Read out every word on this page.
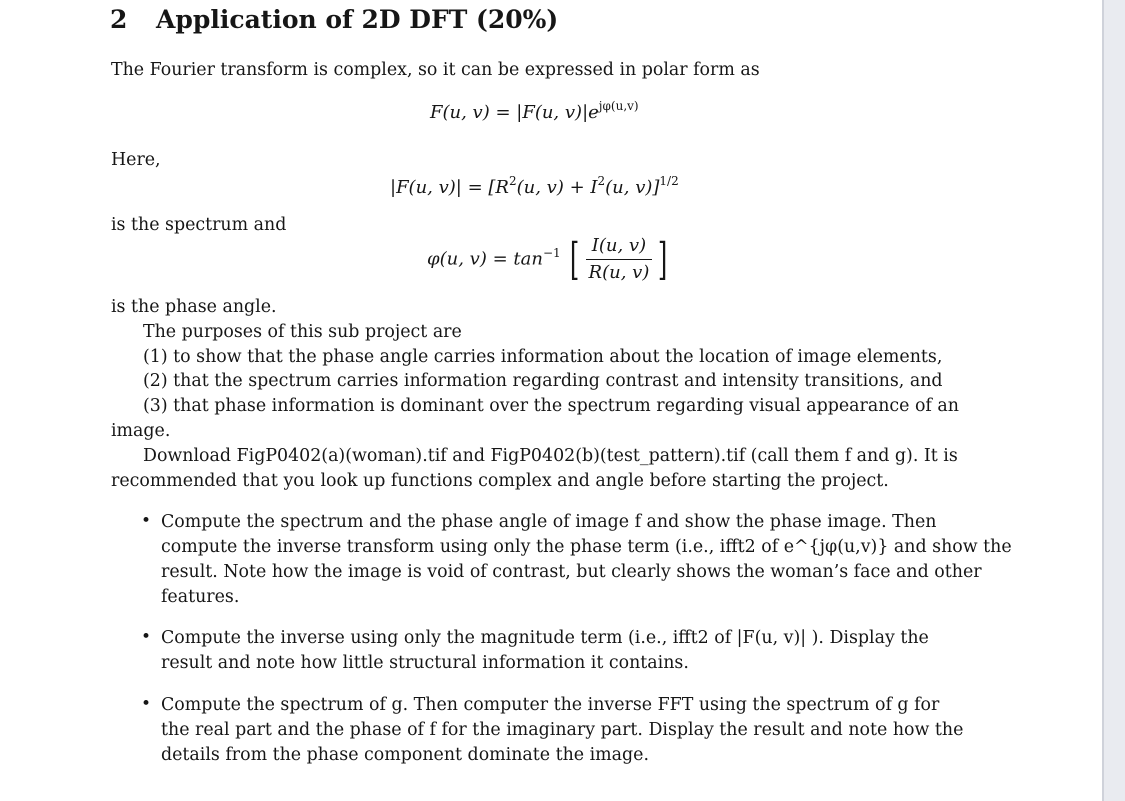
2 Application of 2D DFT (20%)
The Fourier transform is complex, so it can be expressed in polar form as
F(u, v) = |F(u, $v)|e^{j\varphi(u,v)}$
Here,
|F(u, $v)| = [R^2(u$, $v) + I^2(u$, v)]$^{1/2}$
is the spectrum and
φ(u, $v) = \tan^{-1}$ [ $\frac{I(u, v)}{R(u, v)}$ ]
is the phase angle.
The purposes of this sub project are
(1) to show that the phase angle carries information about the location of image elements,
(2) that the spectrum carries information regarding contrast and intensity transitions, and
(3) that phase information is dominant over the spectrum regarding visual appearance of an
image.
Download FigP0402(a)(woman).tif and FigP0402(b)(test_pattern).tif (call them f and g). It is
recommended that you look up functions complex and angle before starting the project.
• Compute the spectrum and the phase angle of image f and show the phase image. Then
compute the inverse transform using only the phase term (i.e., ifft2 of e^{jφ(u,v)} and show the
result. Note how the image is void of contrast, but clearly shows the woman’s face and other
features.
• Compute the inverse using only the magnitude term (i.e., ifft2 of |F(u, v)| ). Display the
result and note how little structural information it contains.
• Compute the spectrum of g. Then computer the inverse FFT using the spectrum of g for
the real part and the phase of f for the imaginary part. Display the result and note how the
details from the phase component dominate the image.
